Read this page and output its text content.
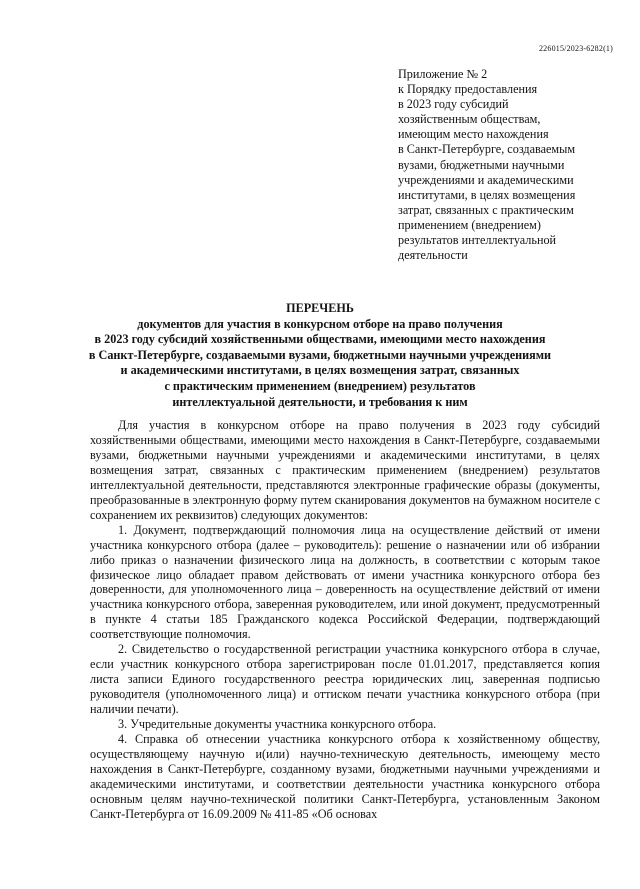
226015/2023-6282(1)
Приложение № 2
к Порядку предоставления
в 2023 году субсидий
хозяйственным обществам,
имеющим место нахождения
в Санкт-Петербурге, создаваемым
вузами, бюджетными научными
учреждениями и академическими
институтами, в целях возмещения
затрат, связанных с практическим
применением (внедрением)
результатов интеллектуальной
деятельности
ПЕРЕЧЕНЬ
документов для участия в конкурсном отборе на право получения
в 2023 году субсидий хозяйственными обществами, имеющими место нахождения
в Санкт-Петербурге, создаваемыми вузами, бюджетными научными учреждениями
и академическими институтами, в целях возмещения затрат, связанных
с практическим применением (внедрением) результатов
интеллектуальной деятельности, и требования к ним

Для участия в конкурсном отборе на право получения в 2023 году субсидий хозяйственными обществами, имеющими место нахождения в Санкт-Петербурге, создаваемыми вузами, бюджетными научными учреждениями и академическими институтами, в целях возмещения затрат, связанных с практическим применением (внедрением) результатов интеллектуальной деятельности, представляются электронные графические образы (документы, преобразованные в электронную форму путем сканирования документов на бумажном носителе с сохранением их реквизитов) следующих документов:

1. Документ, подтверждающий полномочия лица на осуществление действий от имени участника конкурсного отбора (далее – руководитель): решение о назначении или об избрании либо приказ о назначении физического лица на должность, в соответствии с которым такое физическое лицо обладает правом действовать от имени участника конкурсного отбора без доверенности, для уполномоченного лица – доверенность на осуществление действий от имени участника конкурсного отбора, заверенная руководителем, или иной документ, предусмотренный в пункте 4 статьи 185 Гражданского кодекса Российской Федерации, подтверждающий соответствующие полномочия.

2. Свидетельство о государственной регистрации участника конкурсного отбора в случае, если участник конкурсного отбора зарегистрирован после 01.01.2017, представляется копия листа записи Единого государственного реестра юридических лиц, заверенная подписью руководителя (уполномоченного лица) и оттиском печати участника конкурсного отбора (при наличии печати).

3. Учредительные документы участника конкурсного отбора.

4. Справка об отнесении участника конкурсного отбора к хозяйственному обществу, осуществляющему научную и(или) научно-техническую деятельность, имеющему место нахождения в Санкт-Петербурге, созданному вузами, бюджетными научными учреждениями и академическими институтами, и соответствии деятельности участника конкурсного отбора основным целям научно-технической политики Санкт-Петербурга, установленным Законом Санкт-Петербурга от 16.09.2009 № 411-85 «Об основах
